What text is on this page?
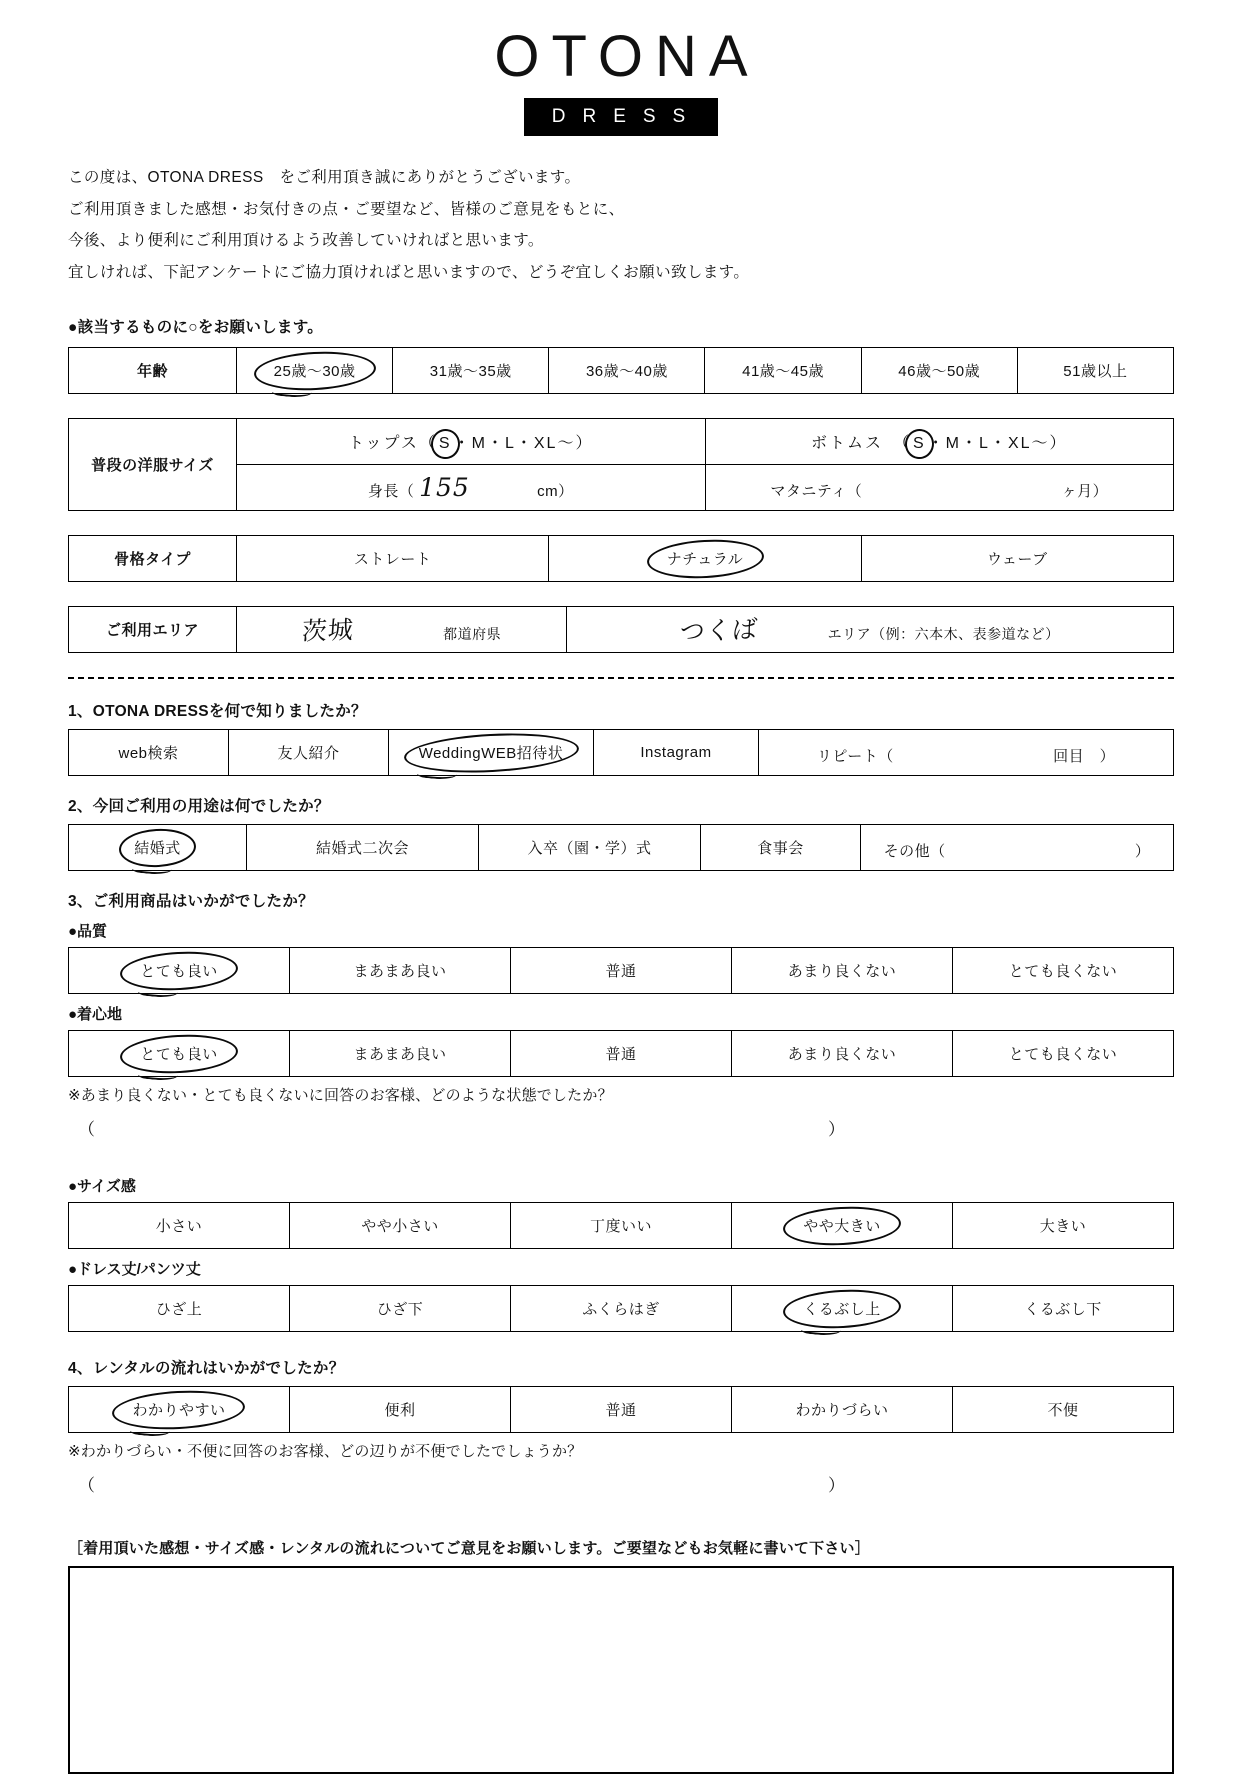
OTONA
DRESS
この度は、OTONA DRESS　をご利用頂き誠にありがとうございます。
ご利用頂きました感想・お気付きの点・ご要望など、皆様のご意見をもとに、
今後、より便利にご利用頂けるよう改善していければと思います。
宜しければ、下記アンケートにご協力頂ければと思いますので、どうぞ宜しくお願い致します。
●該当するものに○をお願いします。
年齢	25歳〜30歳	31歳〜35歳	36歳〜40歳	41歳〜45歳	46歳〜50歳	51歳以上
普段の洋服サイズ	トップス（ S ・M・L・XL〜）	ボトムス　（ S ・M・L・XL〜）
	身長（ 155 cm）	マタニティ（ ヶ月）
骨格タイプ	ストレート	ナチュラル	ウェーブ
ご利用エリア	茨城	都道府県	つくば	エリア（例：六本木、表参道など）
1、OTONA DRESSを何で知りましたか？
web検索	友人紹介	WeddingWEB招待状	Instagram	リピート（	回目　）
2、今回ご利用の用途は何でしたか？
結婚式	結婚式二次会	入卒（園・学）式	食事会	その他（	）
3、ご利用商品はいかがでしたか？
●品質
とても良い	まあまあ良い	普通	あまり良くない	とても良くない
●着心地
とても良い	まあまあ良い	普通	あまり良くない	とても良くない
※あまり良くない・とても良くないに回答のお客様、どのような状態でしたか？
（	）
●サイズ感
小さい	やや小さい	丁度いい	やや大きい	大きい
●ドレス丈/パンツ丈
ひざ上	ひざ下	ふくらはぎ	くるぶし上	くるぶし下
4、レンタルの流れはいかがでしたか？
わかりやすい	便利	普通	わかりづらい	不便
※わかりづらい・不便に回答のお客様、どの辺りが不便でしたでしょうか？
（	）
［着用頂いた感想・サイズ感・レンタルの流れについてご意見をお願いします。ご要望などもお気軽に書いて下さい］
